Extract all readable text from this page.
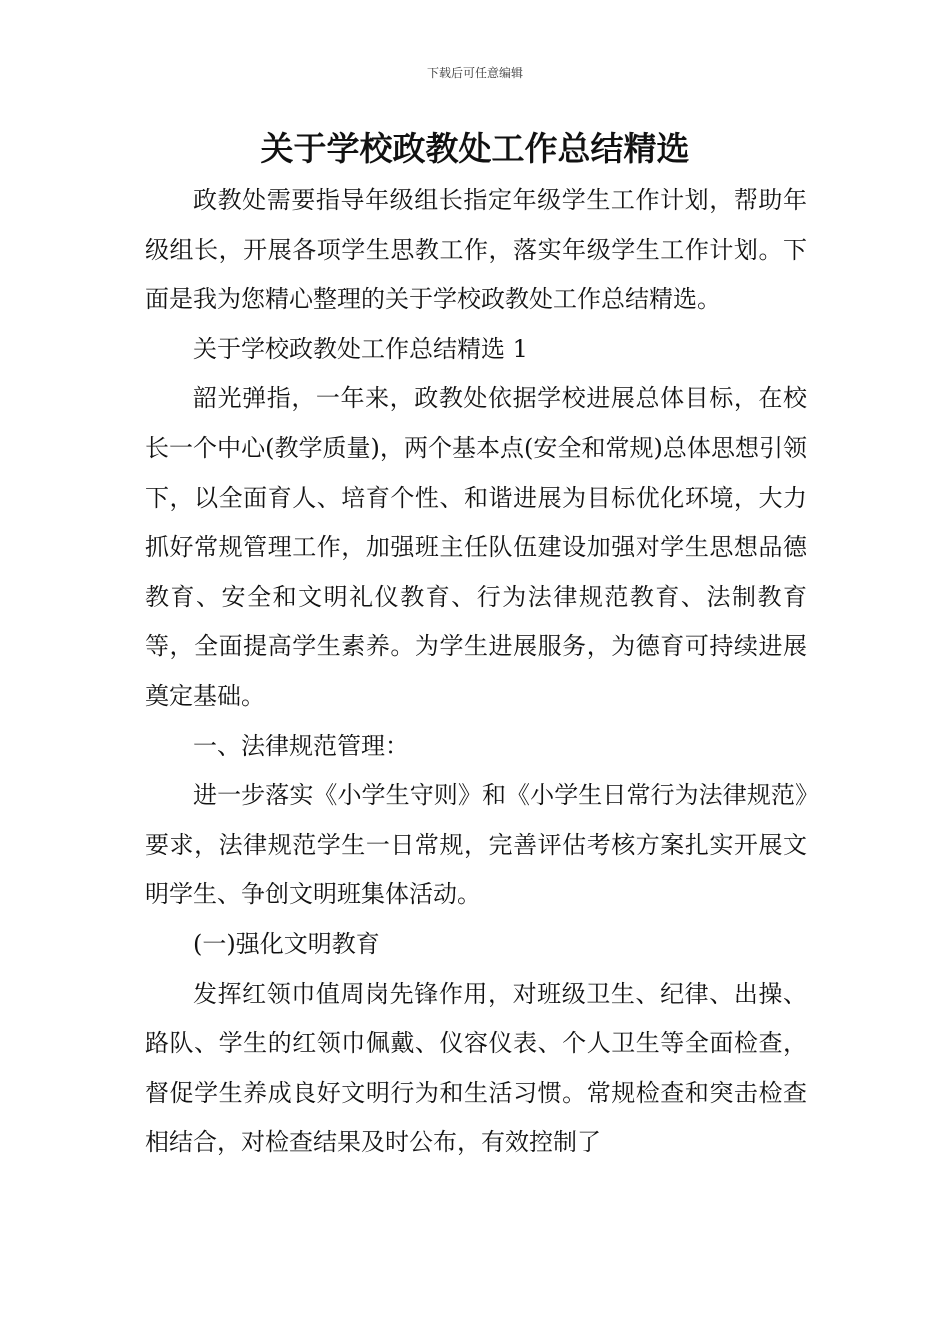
下载后可任意编辑
关于学校政教处工作总结精选

政教处需要指导年级组长指定年级学生工作计划，帮助年级组长，开展各项学生思教工作，落实年级学生工作计划。下面是我为您精心整理的关于学校政教处工作总结精选。

关于学校政教处工作总结精选 1

韶光弹指，一年来，政教处依据学校进展总体目标，在校长一个中心(教学质量)，两个基本点(安全和常规)总体思想引领下，以全面育人、培育个性、和谐进展为目标优化环境，大力抓好常规管理工作，加强班主任队伍建设加强对学生思想品德教育、安全和文明礼仪教育、行为法律规范教育、法制教育等，全面提高学生素养。为学生进展服务，为德育可持续进展奠定基础。

一、法律规范管理：

进一步落实《小学生守则》和《小学生日常行为法律规范》要求，法律规范学生一日常规，完善评估考核方案扎实开展文明学生、争创文明班集体活动。

(一)强化文明教育

发挥红领巾值周岗先锋作用，对班级卫生、纪律、出操、路队、学生的红领巾佩戴、仪容仪表、个人卫生等全面检查，督促学生养成良好文明行为和生活习惯。常规检查和突击检查相结合，对检查结果及时公布，有效控制了
